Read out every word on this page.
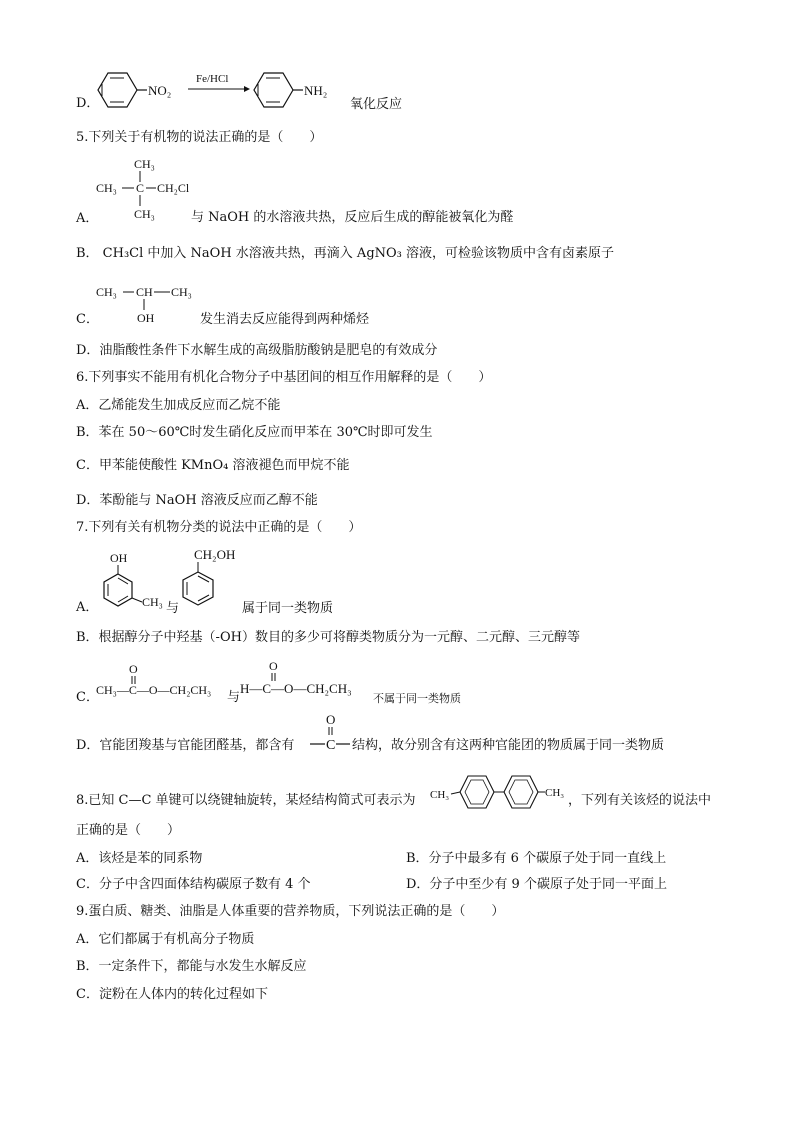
D．
NO₂
Fe/HCl
NH₂
氧化反应
5.下列关于有机物的说法正确的是（　　）
A．
CH₃
CH₃ C CH₂Cl
CH₃	与 NaOH 的水溶液共热，反应后生成的醇能被氧化为醛
B． CH₃Cl 中加入 NaOH 水溶液共热，再滴入 AgNO₃ 溶液，可检验该物质中含有卤素原子
C．
CH₃ CH CH₃
OH	发生消去反应能得到两种烯烃
D．油脂酸性条件下水解生成的高级脂肪酸钠是肥皂的有效成分
6.下列事实不能用有机化合物分子中基团间的相互作用解释的是（　　）
A．乙烯能发生加成反应而乙烷不能
B．苯在 50～60℃时发生硝化反应而甲苯在 30℃时即可发生
C．甲苯能使酸性 KMnO₄ 溶液褪色而甲烷不能
D．苯酚能与 NaOH 溶液反应而乙醇不能
7.下列有关有机物分类的说法中正确的是（　　）
A．
OH
CH₃ 与
CH₂OH
属于同一类物质
B．根据醇分子中羟基（-OH）数目的多少可将醇类物质分为一元醇、二元醇、三元醇等
C．
O
CH₃—C—O—CH₂CH₃ 与
O
H—C—O—CH₂CH₃
不属于同一类物质
D．官能团羧基与官能团醛基，都含有
O
C 结构，故分别含有这两种官能团的物质属于同一类物质
8.已知 C—C 单键可以绕键轴旋转，某烃结构简式可表示为 CH₃	CH₃ ，下列有关该烃的说法中
正确的是（　　）
A．该烃是苯的同系物	B．分子中最多有 6 个碳原子处于同一直线上
C．分子中含四面体结构碳原子数有 4 个	D．分子中至少有 9 个碳原子处于同一平面上
9.蛋白质、糖类、油脂是人体重要的营养物质，下列说法正确的是（　　）
A．它们都属于有机高分子物质
B．一定条件下，都能与水发生水解反应
C．淀粉在人体内的转化过程如下
